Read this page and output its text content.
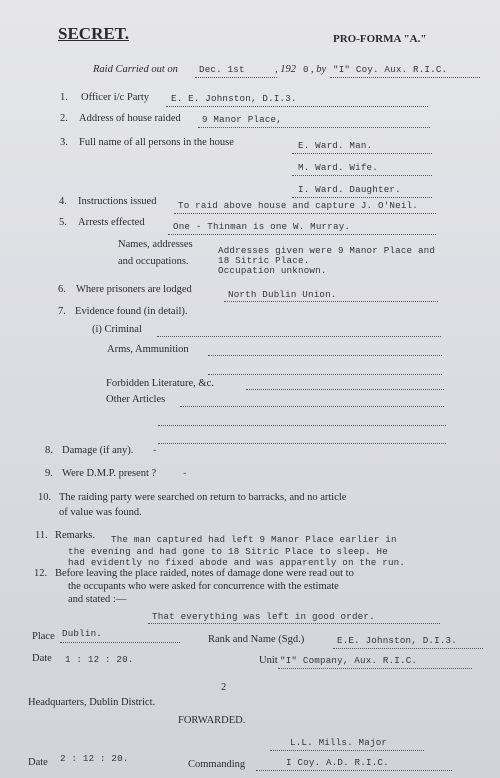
SECRET.	PRO-FORMA "A."
Raid Carried out on Dec. 1st	, 192 0 , by "I" Coy. Aux. R.I.C.
1. Officer i/c Party E. E. Johnston, D.I.3.
2. Address of house raided 9 Manor Place,
3. Full name of all persons in the house	E. Ward. Man.
M. Ward. Wife.
I. Ward. Daughter.
4. Instructions issued To raid above house and capture J. O'Neil.
5. Arrests effected	One - Thinman is one W. Murray.
Names, addresses
and occupations.
Addresses given were 9 Manor Place and
18 Sitric Place.
Occupation unknown.
6. Where prisoners are lodged	North Dublin Union.
7. Evidence found (in detail).
(i) Criminal
Arms, Ammunition
Forbidden Literature, &c.
Other Articles
8. Damage (if any). -
9. Were D.M.P. present ?	-
10. The raiding party were searched on return to barracks, and no article
of value was found.
11. Remarks. The man captured had left 9 Manor Place earlier in
the evening and had gone to 18 Sitric Place to sleep. He
had evidently no fixed abode and was apparently on the run.
12. Before leaving the place raided, notes of damage done were read out to
the occupants who were asked for concurrence with the estimate
and stated :—
That everything was left in good order.
Place Dublin.
Rank and Name (Sgd.)	E.E. Johnston, D.I.3.
Date 1 : 12 : 20.	Unit "I" Company, Aux. R.I.C.
2
Headquarters, Dublin District.
FORWARDED.
L.L. Mills. Major
Date 2 : 12 : 20.
Commanding	I Coy. A.D. R.I.C.
